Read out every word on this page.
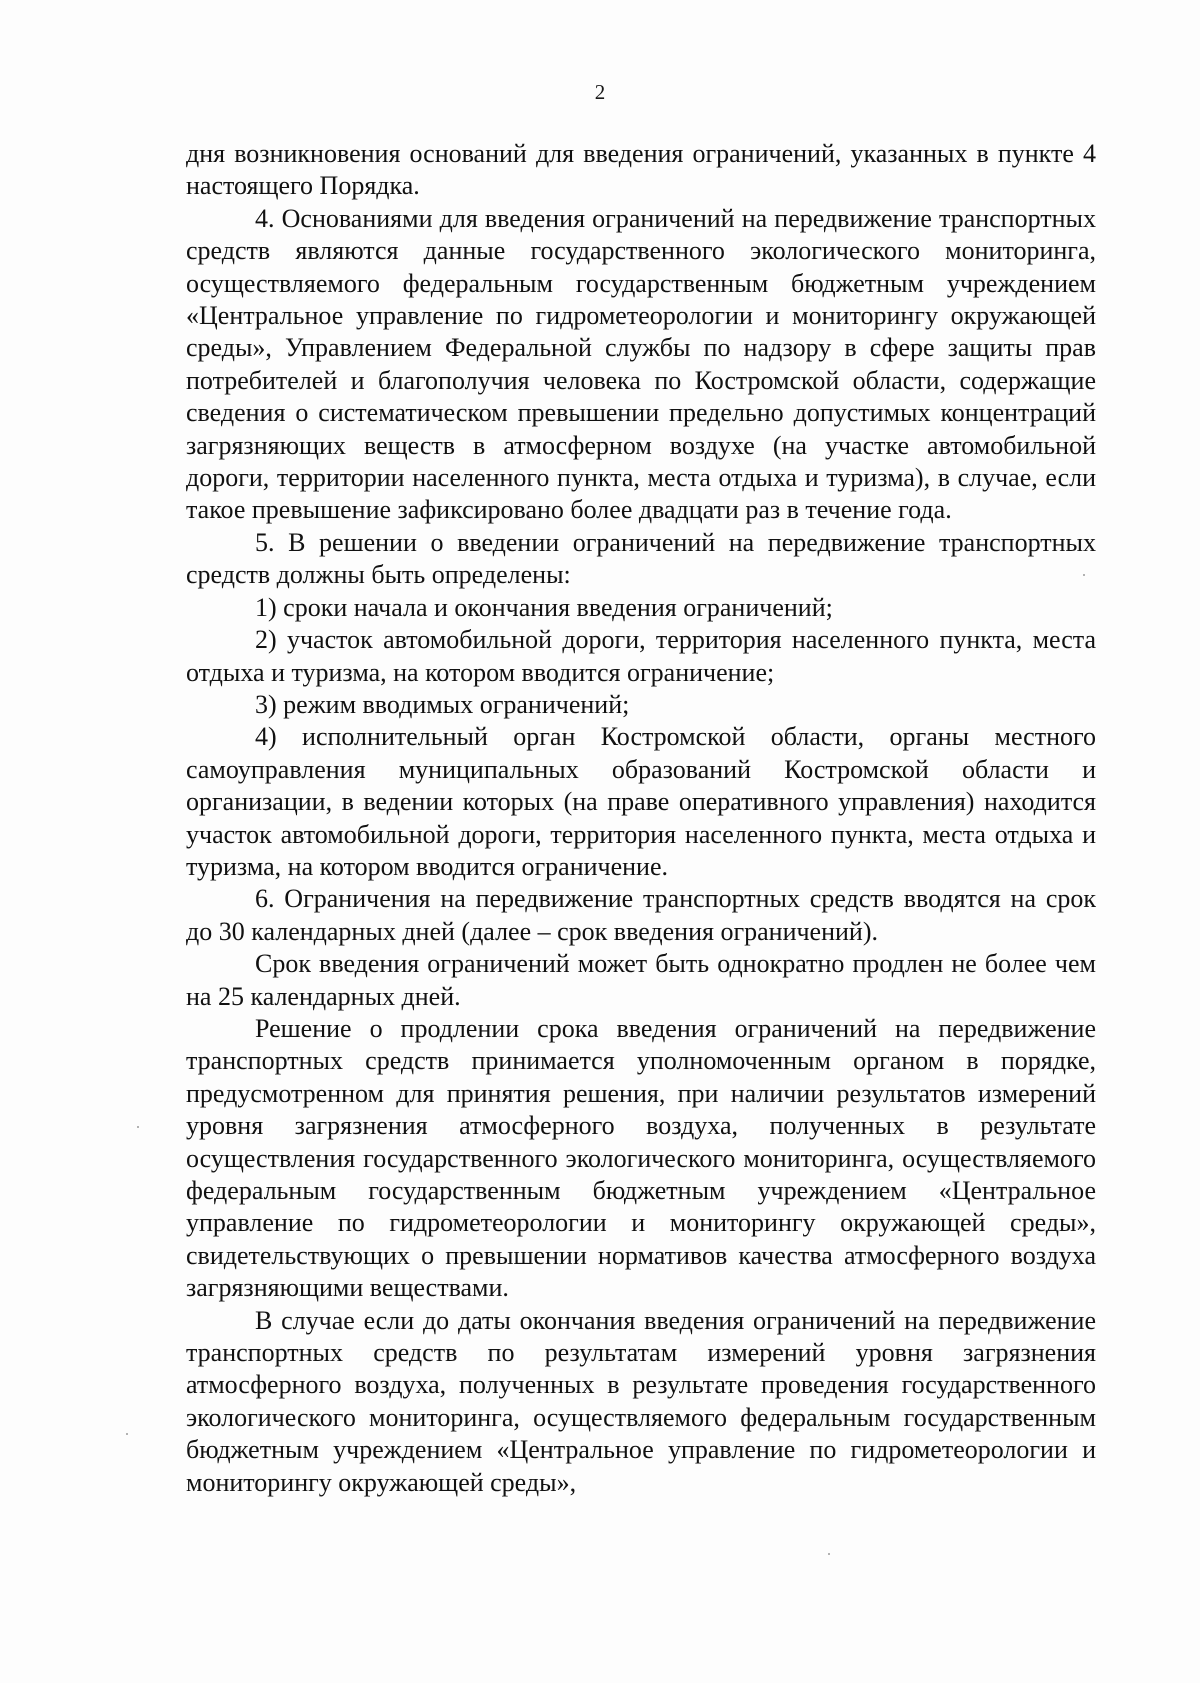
2

дня возникновения оснований для введения ограничений, указанных в пункте 4 настоящего Порядка.

4. Основаниями для введения ограничений на передвижение транспортных средств являются данные государственного экологического мониторинга, осуществляемого федеральным государственным бюджетным учреждением «Центральное управление по гидрометеорологии и мониторингу окружающей среды», Управлением Федеральной службы по надзору в сфере защиты прав потребителей и благополучия человека по Костромской области, содержащие сведения о систематическом превышении предельно допустимых концентраций загрязняющих веществ в атмосферном воздухе (на участке автомобильной дороги, территории населенного пункта, места отдыха и туризма), в случае, если такое превышение зафиксировано более двадцати раз в течение года.

5. В решении о введении ограничений на передвижение транспортных средств должны быть определены:

1) сроки начала и окончания введения ограничений;

2) участок автомобильной дороги, территория населенного пункта, места отдыха и туризма, на котором вводится ограничение;

3) режим вводимых ограничений;

4) исполнительный орган Костромской области, органы местного самоуправления муниципальных образований Костромской области и организации, в ведении которых (на праве оперативного управления) находится участок автомобильной дороги, территория населенного пункта, места отдыха и туризма, на котором вводится ограничение.

6. Ограничения на передвижение транспортных средств вводятся на срок до 30 календарных дней (далее – срок введения ограничений).

Срок введения ограничений может быть однократно продлен не более чем на 25 календарных дней.

Решение о продлении срока введения ограничений на передвижение транспортных средств принимается уполномоченным органом в порядке, предусмотренном для принятия решения, при наличии результатов измерений уровня загрязнения атмосферного воздуха, полученных в результате осуществления государственного экологического мониторинга, осуществляемого федеральным государственным бюджетным учреждением «Центральное управление по гидрометеорологии и мониторингу окружающей среды», свидетельствующих о превышении нормативов качества атмосферного воздуха загрязняющими веществами.

В случае если до даты окончания введения ограничений на передвижение транспортных средств по результатам измерений уровня загрязнения атмосферного воздуха, полученных в результате проведения государственного экологического мониторинга, осуществляемого федеральным государственным бюджетным учреждением «Центральное управление по гидрометеорологии и мониторингу окружающей среды»,
